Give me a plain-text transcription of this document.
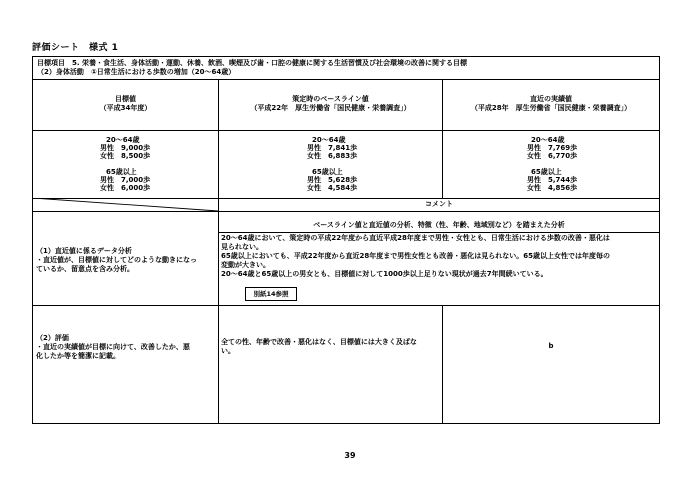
評価シート　様式 1
目標項目　5. 栄養・食生活、身体活動・運動、休養、飲酒、喫煙及び歯・口腔の健康に関する生活習慣及び社会環境の改善に関する目標
（2）身体活動　①日常生活における歩数の増加（20〜64歳）
目標値
（平成34年度）
策定時のベースライン値
（平成22年　厚生労働省「国民健康・栄養調査」）
直近の実績値
（平成28年　厚生労働省「国民健康・栄養調査」）
20〜64歳
男性　9,000歩
女性　8,500歩
65歳以上
男性　7,000歩
女性　6,000歩
20〜64歳
男性　7,841歩
女性　6,883歩
65歳以上
男性　5,628歩
女性　4,584歩
20〜64歳
男性　7,769歩
女性　6,770歩
65歳以上
男性　5,744歩
女性　4,856歩
コメント
（1）直近値に係るデータ分析
・直近値が、目標値に対してどのような動きになっ
ているか、留意点を含み分析。
ベースライン値と直近値の分析、特徴（性、年齢、地域別など）を踏まえた分析
20〜64歳において、策定時の平成22年度から直近平成28年度まで男性・女性とも、日常生活における歩数の改善・悪化は
見られない。
65歳以上においても、平成22年度から直近28年度まで男性女性とも改善・悪化は見られない。65歳以上女性では年度毎の
変動が大きい。
20〜64歳と65歳以上の男女とも、目標値に対して1000歩以上足りない現状が過去7年間続いている。
別紙14参照
（2）評価
・直近の実績値が目標に向けて、改善したか、悪
化したか等を簡潔に記載。
全ての性、年齢で改善・悪化はなく、目標値には大きく及ばな
い。
b
39
